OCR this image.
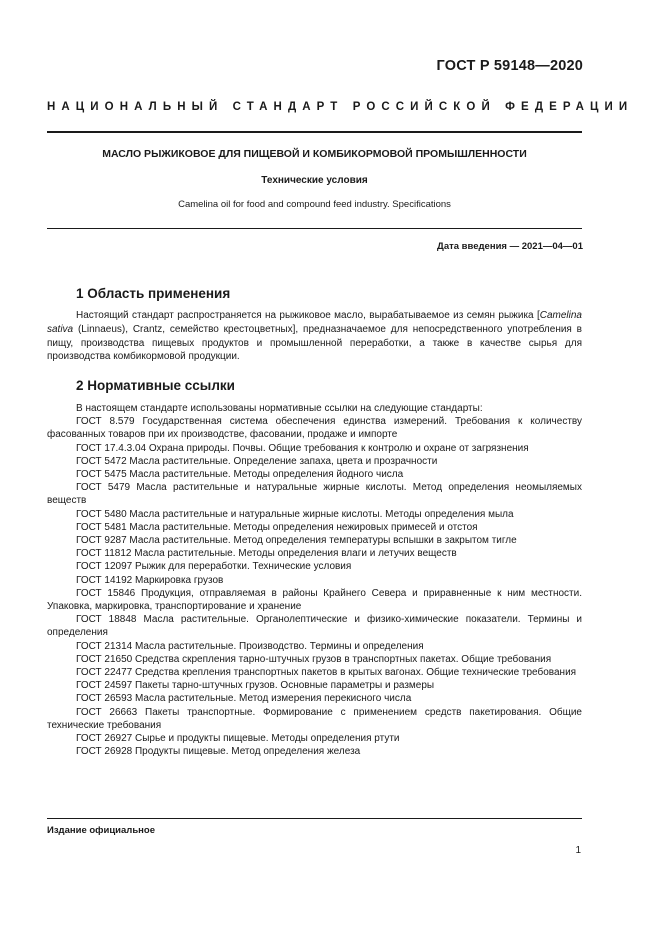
ГОСТ Р 59148—2020
НАЦИОНАЛЬНЫЙ СТАНДАРТ РОССИЙСКОЙ ФЕДЕРАЦИИ
МАСЛО РЫЖИКОВОЕ ДЛЯ ПИЩЕВОЙ И КОМБИКОРМОВОЙ ПРОМЫШЛЕННОСТИ
Технические условия
Camelina oil for food and compound feed industry. Specifications
Дата введения — 2021—04—01
1 Область применения
Настоящий стандарт распространяется на рыжиковое масло, вырабатываемое из семян рыжика [Camelina sativa (Linnaeus), Crantz, семейство крестоцветных], предназначаемое для непосредственного употребления в пищу, производства пищевых продуктов и промышленной переработки, а также в качестве сырья для производства комбикормовой продукции.
2 Нормативные ссылки

В настоящем стандарте использованы нормативные ссылки на следующие стандарты:

ГОСТ 8.579 Государственная система обеспечения единства измерений. Требования к количеству фасованных товаров при их производстве, фасовании, продаже и импорте

ГОСТ 17.4.3.04 Охрана природы. Почвы. Общие требования к контролю и охране от загрязнения

ГОСТ 5472 Масла растительные. Определение запаха, цвета и прозрачности

ГОСТ 5475 Масла растительные. Методы определения йодного числа

ГОСТ 5479 Масла растительные и натуральные жирные кислоты. Метод определения неомыляемых веществ

ГОСТ 5480 Масла растительные и натуральные жирные кислоты. Методы определения мыла

ГОСТ 5481 Масла растительные. Методы определения нежировых примесей и отстоя

ГОСТ 9287 Масла растительные. Метод определения температуры вспышки в закрытом тигле

ГОСТ 11812 Масла растительные. Методы определения влаги и летучих веществ

ГОСТ 12097 Рыжик для переработки. Технические условия

ГОСТ 14192 Маркировка грузов

ГОСТ 15846 Продукция, отправляемая в районы Крайнего Севера и приравненные к ним местности. Упаковка, маркировка, транспортирование и хранение

ГОСТ 18848 Масла растительные. Органолептические и физико-химические показатели. Термины и определения

ГОСТ 21314 Масла растительные. Производство. Термины и определения

ГОСТ 21650 Средства скрепления тарно-штучных грузов в транспортных пакетах. Общие требования

ГОСТ 22477 Средства крепления транспортных пакетов в крытых вагонах. Общие технические требования

ГОСТ 24597 Пакеты тарно-штучных грузов. Основные параметры и размеры

ГОСТ 26593 Масла растительные. Метод измерения перекисного числа

ГОСТ 26663 Пакеты транспортные. Формирование с применением средств пакетирования. Общие технические требования

ГОСТ 26927 Сырье и продукты пищевые. Методы определения ртути

ГОСТ 26928 Продукты пищевые. Метод определения железа

Издание официальное
1
